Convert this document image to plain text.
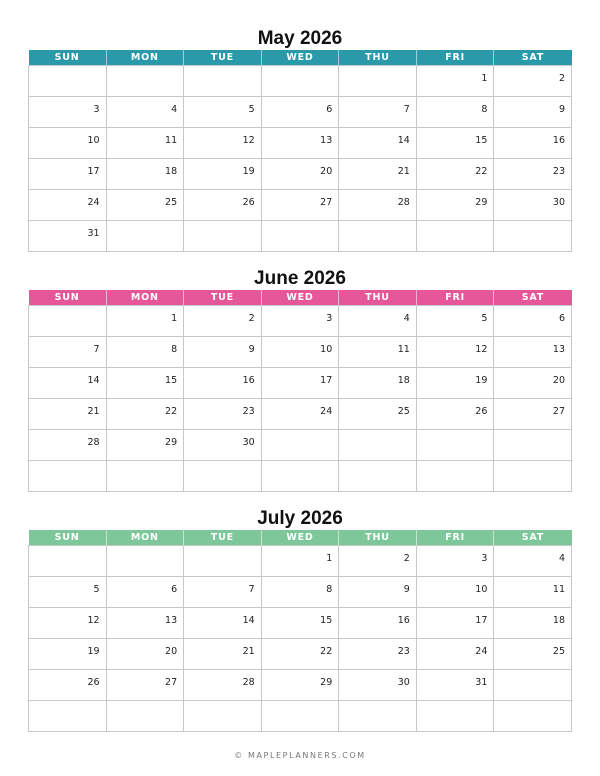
May 2026
SUN	MON	TUE	WED	THU	FRI	SAT
					1	2
3	4	5	6	7	8	9
10	11	12	13	14	15	16
17	18	19	20	21	22	23
24	25	26	27	28	29	30
31						
June 2026
SUN	MON	TUE	WED	THU	FRI	SAT
	1	2	3	4	5	6
7	8	9	10	11	12	13
14	15	16	17	18	19	20
21	22	23	24	25	26	27
28	29	30				

July 2026
SUN	MON	TUE	WED	THU	FRI	SAT
			1	2	3	4
5	6	7	8	9	10	11
12	13	14	15	16	17	18
19	20	21	22	23	24	25
26	27	28	29	30	31	

© MAPLEPLANNERS.COM
